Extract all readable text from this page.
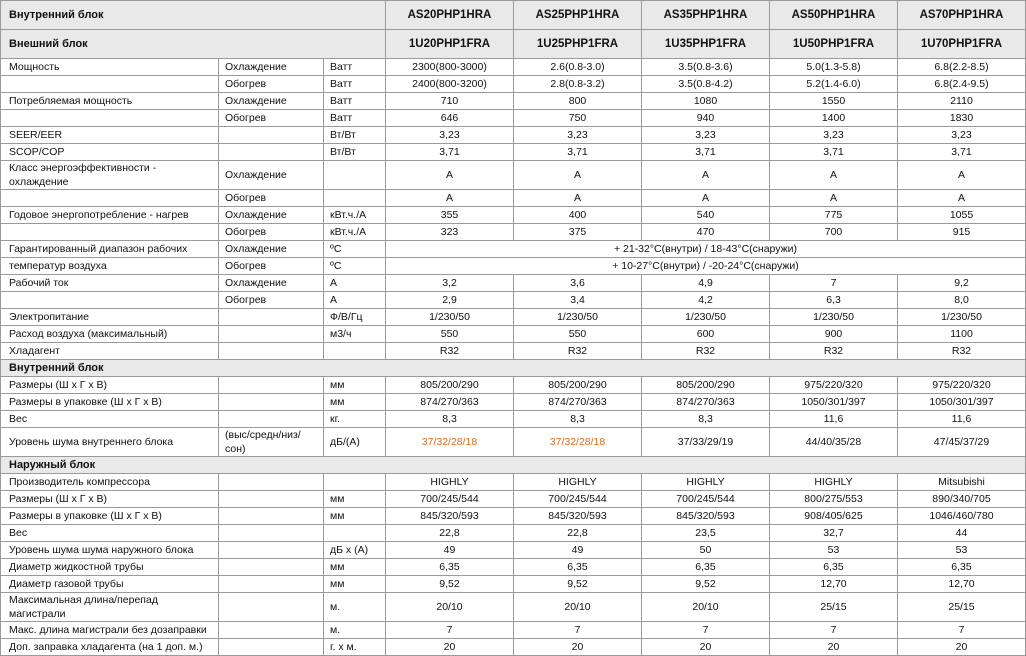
Внутренний блок			AS20PHP1HRA	AS25PHP1HRA	AS35PHP1HRA	AS50PHP1HRA	AS70PHP1HRA
Внешний блок			1U20PHP1FRA	1U25PHP1FRA	1U35PHP1FRA	1U50PHP1FRA	1U70PHP1FRA
Мощность	Охлаждение	Ватт	2300(800-3000)	2.6(0.8-3.0)	3.5(0.8-3.6)	5.0(1.3-5.8)	6.8(2.2-8.5)
	Обогрев	Ватт	2400(800-3200)	2.8(0.8-3.2)	3.5(0.8-4.2)	5.2(1.4-6.0)	6.8(2.4-9.5)
Потребляемая мощность	Охлаждение	Ватт	710	800	1080	1550	2110
	Обогрев	Ватт	646	750	940	1400	1830
SEER/EER		Вт/Вт	3,23	3,23	3,23	3,23	3,23
SCOP/COP		Вт/Вт	3,71	3,71	3,71	3,71	3,71
Класс энергоэффективности - охлаждение	Охлаждение		A	A	A	A	A
	Обогрев		A	A	A	A	A
Годовое энергопотребление - нагрев	Охлаждение	кВт.ч./А	355	400	540	775	1055
	Обогрев	кВт.ч./А	323	375	470	700	915
Гарантированный диапазон рабочих	Охлаждение	ºC	+ 21-32°C(внутри) / 18-43°C(снаружи)				
температур воздуха	Обогрев	ºC	+ 10-27°C(внутри) / -20-24°C(снаружи)				
Рабочий ток	Охлаждение	А	3,2	3,6	4,9	7	9,2
	Обогрев	А	2,9	3,4	4,2	6,3	8,0
Электропитание		Ф/В/Гц	1/230/50	1/230/50	1/230/50	1/230/50	1/230/50
Расход воздуха (максимальный)		м3/ч	550	550	600	900	1100
Хладагент			R32	R32	R32	R32	R32
Внутренний блок							
Размеры (Ш х Г х В)		мм	805/200/290	805/200/290	805/200/290	975/220/320	975/220/320
Размеры в упаковке (Ш х Г х В)		мм	874/270/363	874/270/363	874/270/363	1050/301/397	1050/301/397
Вес		кг.	8,3	8,3	8,3	11,6	11,6
Уровень шума внутреннего блока	(выс/средн/низ/сон)	дБ/(А)	37/32/28/18	37/32/28/18	37/33/29/19	44/40/35/28	47/45/37/29
Наружный блок							
Производитель компрессора			HIGHLY	HIGHLY	HIGHLY	HIGHLY	Mitsubishi
Размеры (Ш х Г х В)		мм	700/245/544	700/245/544	700/245/544	800/275/553	890/340/705
Размеры в упаковке (Ш х Г х В)		мм	845/320/593	845/320/593	845/320/593	908/405/625	1046/460/780
Вес			22,8	22,8	23,5	32,7	44
Уровень шума шума наружного блока		дБ х (А)	49	49	50	53	53
Диаметр жидкостной трубы		мм	6,35	6,35	6,35	6,35	6,35
Диаметр газовой трубы		мм	9,52	9,52	9,52	12,70	12,70
Максимальная длина/перепад магистрали		м.	20/10	20/10	20/10	25/15	25/15
Макс. длина магистрали без дозаправки		м.	7	7	7	7	7
Доп. заправка хладагента (на 1 доп. м.)		г. х м.	20	20	20	20	20
